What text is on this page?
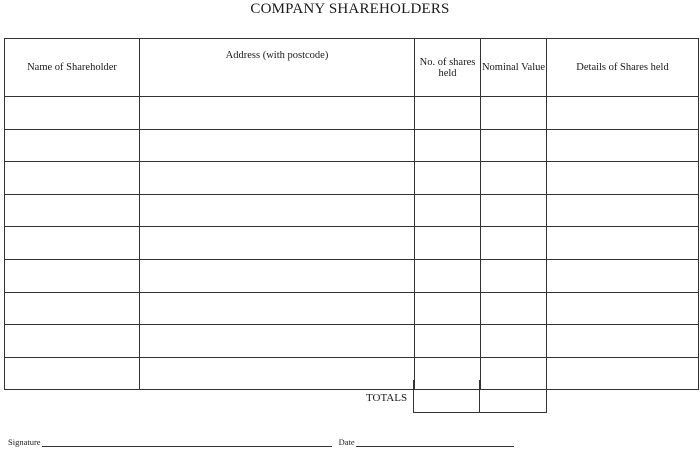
COMPANY SHAREHOLDERS
Name of Shareholder	Address (with postcode)	No. of shares held	Nominal Value	Details of Shares held

TOTALS
Signature	Date
